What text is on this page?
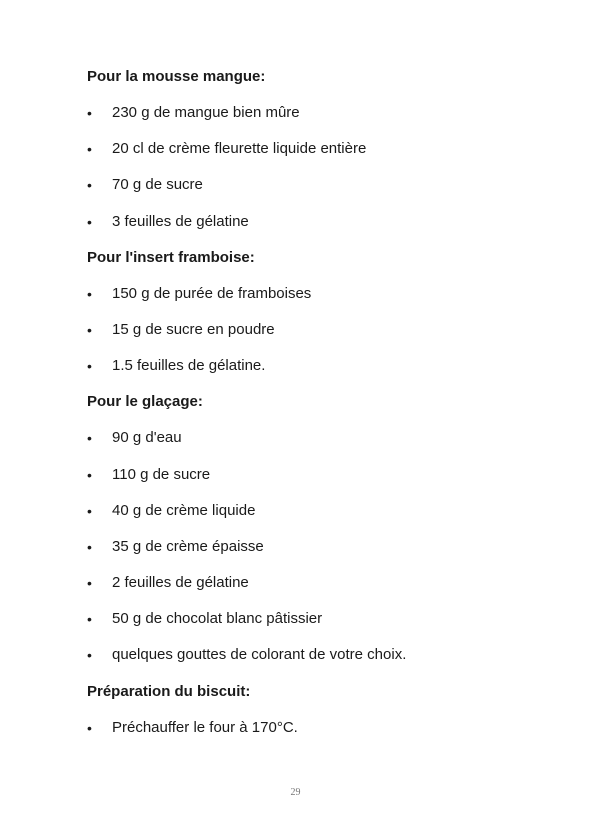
Pour la mousse mangue:

• 230 g de mangue bien mûre
• 20 cl de crème fleurette liquide entière
• 70 g de sucre
• 3 feuilles de gélatine

Pour l'insert framboise:

• 150 g de purée de framboises
• 15 g de sucre en poudre
• 1.5 feuilles de gélatine.

Pour le glaçage:

• 90 g d'eau
• 110 g de sucre
• 40 g de crème liquide
• 35 g de crème épaisse
• 2 feuilles de gélatine
• 50 g de chocolat blanc pâtissier
• quelques gouttes de colorant de votre choix.

Préparation du biscuit:

• Préchauffer le four à 170°C.
29
